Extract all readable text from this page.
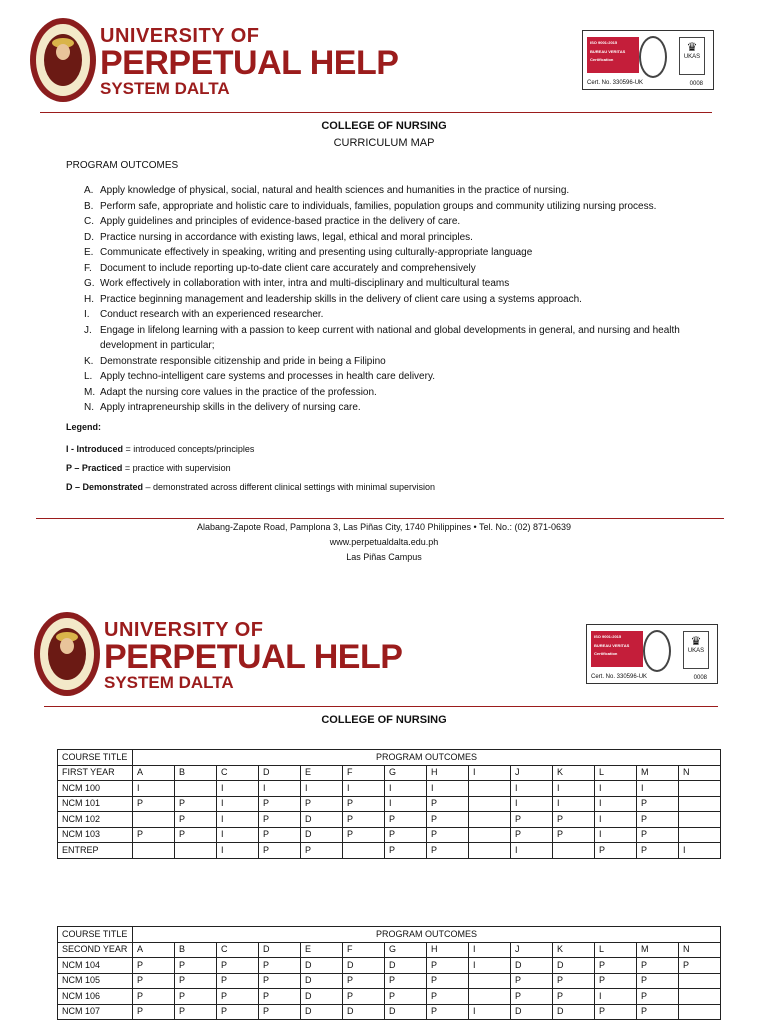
UNIVERSITY OF
PERPETUAL HELP
SYSTEM DALTA
ISO 9001:2015
BUREAU VERITAS
Certification
♛
UKAS
Cert. No. 330596-UK	0008
COLLEGE OF NURSING
CURRICULUM MAP
PROGRAM OUTCOMES
A. Apply knowledge of physical, social, natural and health sciences and humanities in the practice of nursing.
B. Perform safe, appropriate and holistic care to individuals, families, population groups and community utilizing nursing process.
C. Apply guidelines and principles of evidence-based practice in the delivery of care.
D. Practice nursing in accordance with existing laws, legal, ethical and moral principles.
E. Communicate effectively in speaking, writing and presenting using culturally-appropriate language
F. Document to include reporting up-to-date client care accurately and comprehensively
G. Work effectively in collaboration with inter, intra and multi-disciplinary and multicultural teams
H. Practice beginning management and leadership skills in the delivery of client care using a systems approach.
I.	Conduct research with an experienced researcher.
J. Engage in lifelong learning with a passion to keep current with national and global developments in general, and nursing and health development in particular;
K. Demonstrate responsible citizenship and pride in being a Filipino
L. Apply techno-intelligent care systems and processes in health care delivery.
M. Adapt the nursing core values in the practice of the profession.
N. Apply intrapreneurship skills in the delivery of nursing care.
Legend:
I - Introduced = introduced concepts/principles
P – Practiced = practice with supervision
D – Demonstrated – demonstrated across different clinical settings with minimal supervision
Alabang-Zapote Road, Pamplona 3, Las Piñas City, 1740 Philippines • Tel. No.: (02) 871-0639
www.perpetualdalta.edu.ph
Las Piñas Campus
UNIVERSITY OF
PERPETUAL HELP
SYSTEM DALTA
ISO 9001:2015
BUREAU VERITAS
Certification
♛
UKAS
Cert. No. 330596-UK	0008
COLLEGE OF NURSING
COURSE TITLE	PROGRAM OUTCOMES													
FIRST YEAR	A	B	C	D	E	F	G	H	I	J	K	L	M	N
NCM 100	I		I	I	I	I	I	I		I	I	I	I	
NCM 101	P	P	I	P	P	P	I	P		I	I	I	P	
NCM 102		P	I	P	D	P	P	P		P	P	I	P	
NCM 103	P	P	I	P	D	P	P	P		P	P	I	P	
ENTREP			I	P	P		P	P		I		P	P	I
COURSE TITLE	PROGRAM OUTCOMES													
SECOND YEAR	A	B	C	D	E	F	G	H	I	J	K	L	M	N
NCM 104	P	P	P	P	D	D	D	P	I	D	D	P	P	P
NCM 105	P	P	P	P	D	P	P	P		P	P	P	P	
NCM 106	P	P	P	P	D	P	P	P		P	P	I	P	
NCM 107	P	P	P	P	D	D	D	P	I	D	D	P	P	
